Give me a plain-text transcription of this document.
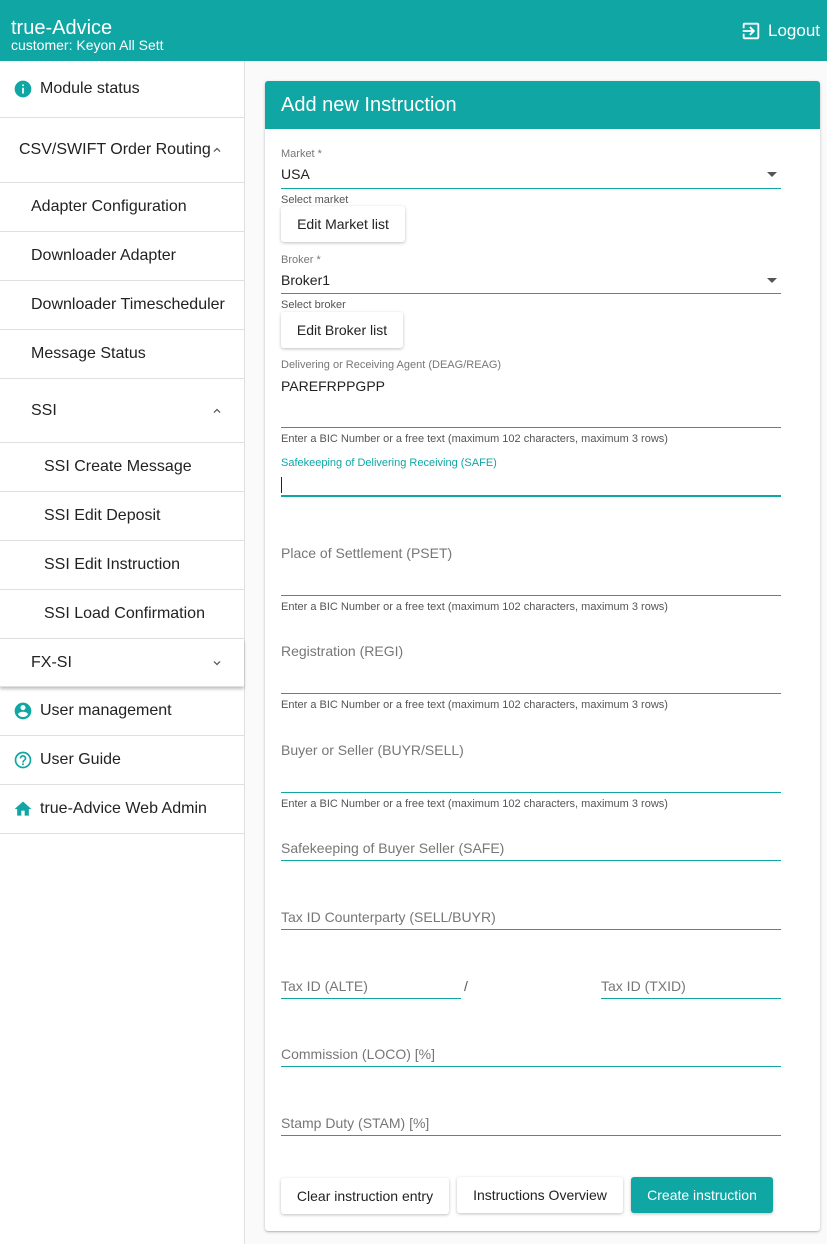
true-Advice
customer: Keyon All Sett
Logout
Module status
CSV/SWIFT Order Routing
Adapter Configuration
Downloader Adapter
Downloader Timescheduler
Message Status
SSI
SSI Create Message
SSI Edit Deposit
SSI Edit Instruction
SSI Load Confirmation
FX-SI
User management
User Guide
true-Advice Web Admin
Add new Instruction
Market *
USA
Select market
Edit Market list
Broker *
Broker1
Select broker
Edit Broker list
Delivering or Receiving Agent (DEAG/REAG)
PAREFRPPGPP
Enter a BIC Number or a free text (maximum 102 characters, maximum 3 rows)
Safekeeping of Delivering Receiving (SAFE)
Place of Settlement (PSET)
Enter a BIC Number or a free text (maximum 102 characters, maximum 3 rows)
Registration (REGI)
Enter a BIC Number or a free text (maximum 102 characters, maximum 3 rows)
Buyer or Seller (BUYR/SELL)
Enter a BIC Number or a free text (maximum 102 characters, maximum 3 rows)
Safekeeping of Buyer Seller (SAFE)
Tax ID Counterparty (SELL/BUYR)
Tax ID (ALTE)	/	Tax ID (TXID)
Commission (LOCO) [%]
Stamp Duty (STAM) [%]
Clear instruction entry	Instructions Overview	Create instruction
